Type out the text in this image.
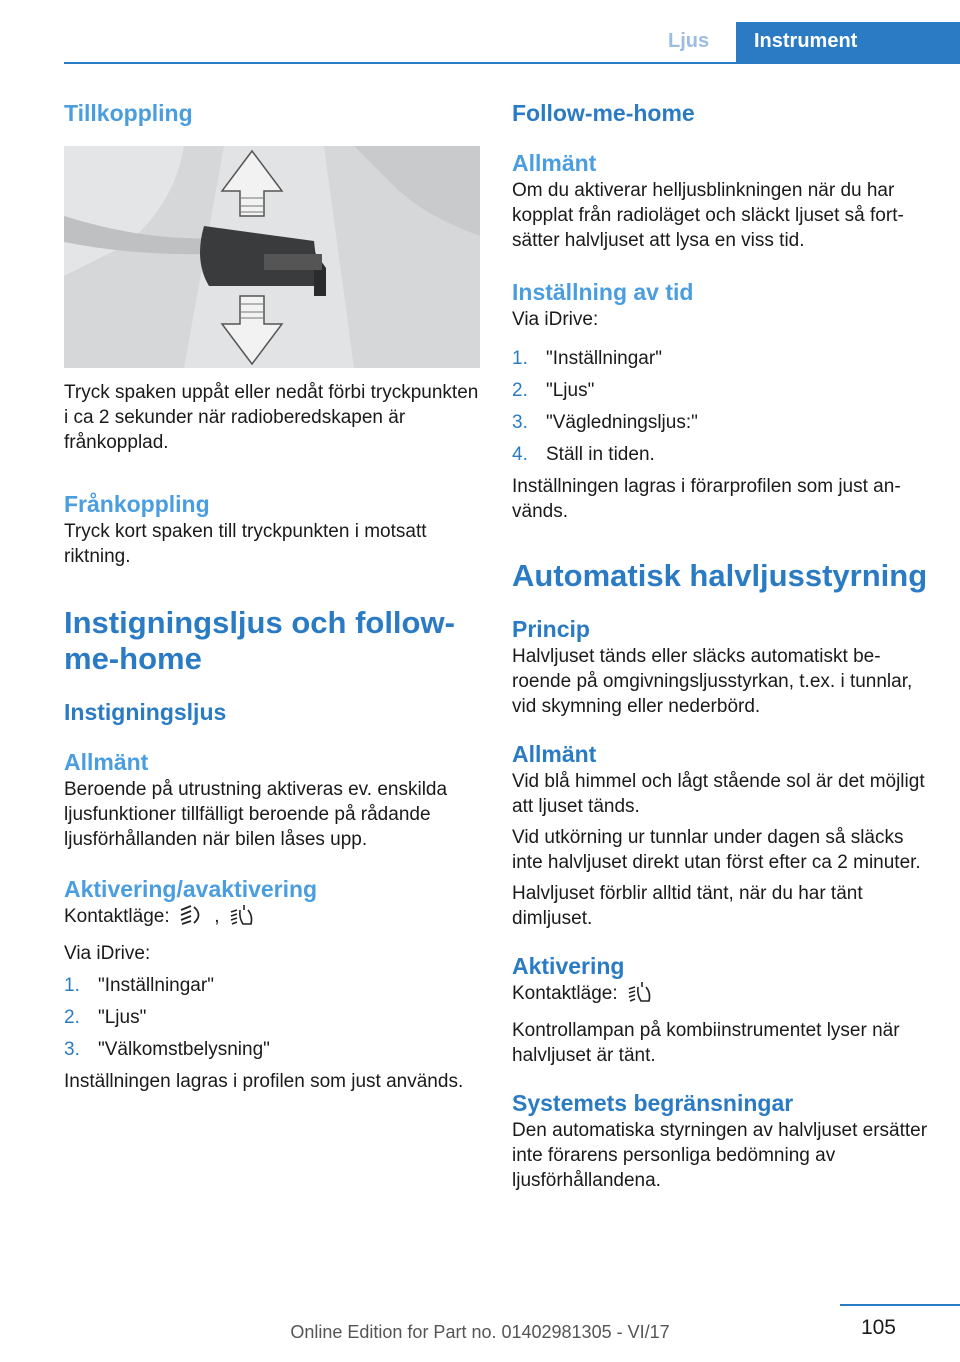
Ljus	Instrument
Tillkoppling

Tryck spaken uppåt eller nedåt förbi tryckpunkten i ca 2 sekunder när radioberedskapen är frånkopplad.

Frånkoppling

Tryck kort spaken till tryckpunkten i motsatt riktning.

Instigningsljus och follow-me-home
Instigningsljus
Allmänt

Beroende på utrustning aktiveras ev. enskilda ljusfunktioner tillfälligt beroende på rådande ljusförhållanden när bilen låses upp.

Aktivering/avaktivering

Kontaktläge: ,

Via iDrive:

1. "Inställningar"
2. "Ljus"
3. "Välkomstbelysning"

Inställningen lagras i profilen som just används.

Follow-me-home
Allmänt

Om du aktiverar helljusblinkningen när du har kopplat från radioläget och släckt ljuset så fortsätter halvljuset att lysa en viss tid.

Inställning av tid

Via iDrive:

1. "Inställningar"
2. "Ljus"
3. "Vägledningsljus:"
4. Ställ in tiden.

Inställningen lagras i förarprofilen som just används.

Automatisk halvljusstyrning
Princip

Halvljuset tänds eller släcks automatiskt beroende på omgivningsljusstyrkan, t.ex. i tunnlar, vid skymning eller nederbörd.

Allmänt

Vid blå himmel och lågt stående sol är det möjligt att ljuset tänds.

Vid utkörning ur tunnlar under dagen så släcks inte halvljuset direkt utan först efter ca 2 minuter.

Halvljuset förblir alltid tänt, när du har tänt dimljuset.

Aktivering

Kontaktläge:

Kontrollampan på kombiinstrumentet lyser när halvljuset är tänt.

Systemets begränsningar

Den automatiska styrningen av halvljuset ersätter inte förarens personliga bedömning av ljusförhållandena.

105
Online Edition for Part no. 01402981305 - VI/17
